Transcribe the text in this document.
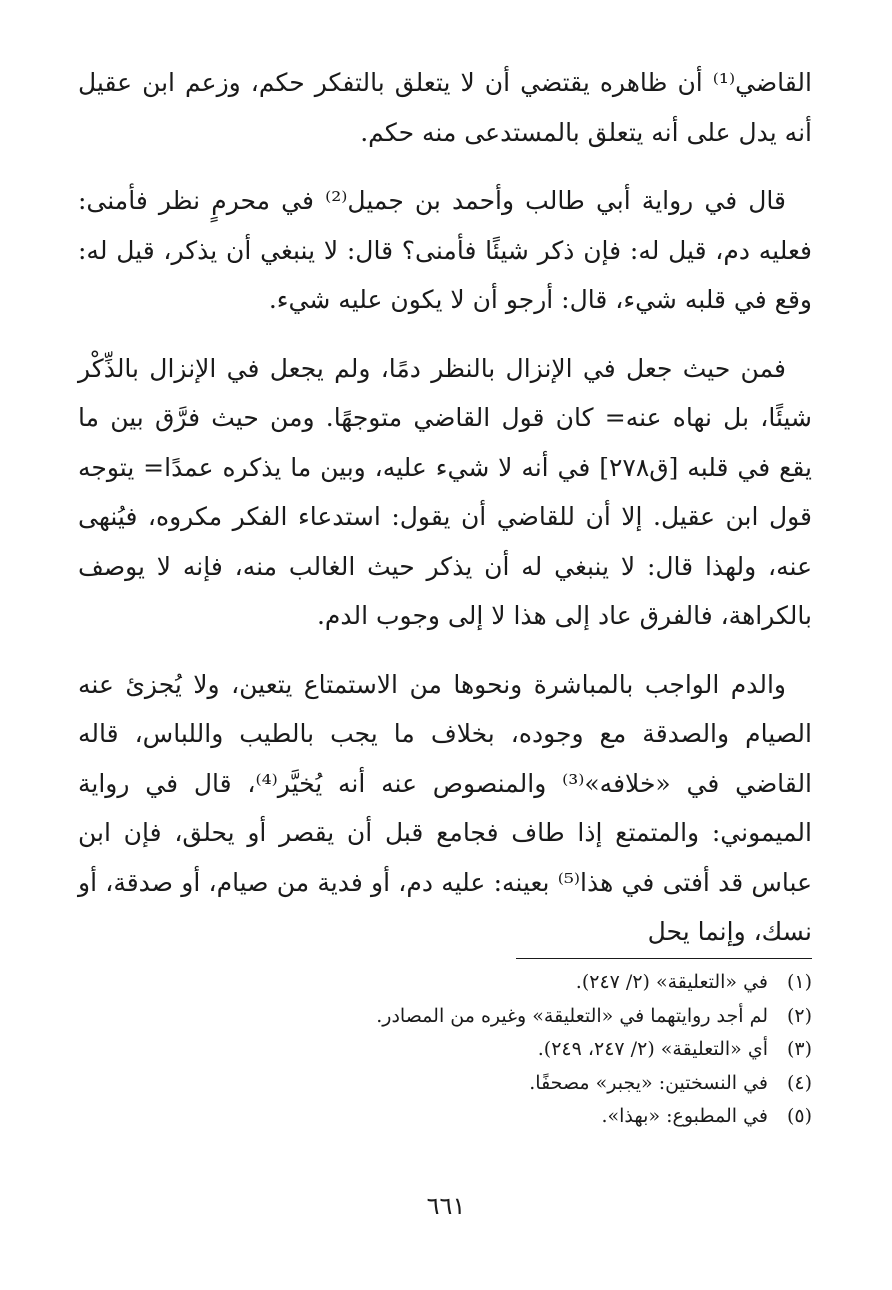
القاضي⁽¹⁾ أن ظاهره يقتضي أن لا يتعلق بالتفكر حكم، وزعم ابن عقيل أنه يدل على أنه يتعلق بالمستدعى منه حكم.

قال في رواية أبي طالب وأحمد بن جميل⁽²⁾ في محرمٍ نظر فأمنى: فعليه دم، قيل له: فإن ذكر شيئًا فأمنى؟ قال: لا ينبغي أن يذكر، قيل له: وقع في قلبه شيء، قال: أرجو أن لا يكون عليه شيء.

فمن حيث جعل في الإنزال بالنظر دمًا، ولم يجعل في الإنزال بالذِّكْر شيئًا، بل نهاه عنه= كان قول القاضي متوجهًا. ومن حيث فرَّق بين ما يقع في قلبه [ق٢٧٨] في أنه لا شيء عليه، وبين ما يذكره عمدًا= يتوجه قول ابن عقيل. إلا أن للقاضي أن يقول: استدعاء الفكر مكروه، فيُنهى عنه، ولهذا قال: لا ينبغي له أن يذكر حيث الغالب منه، فإنه لا يوصف بالكراهة، فالفرق عاد إلى هذا لا إلى وجوب الدم.

والدم الواجب بالمباشرة ونحوها من الاستمتاع يتعين، ولا يُجزئ عنه الصيام والصدقة مع وجوده، بخلاف ما يجب بالطيب واللباس، قاله القاضي في «خلافه»⁽³⁾ والمنصوص عنه أنه يُخيَّر⁽⁴⁾، قال في رواية الميموني: والمتمتع إذا طاف فجامع قبل أن يقصر أو يحلق، فإن ابن عباس قد أفتى في هذا⁽⁵⁾ بعينه: عليه دم، أو فدية من صيام، أو صدقة، أو نسك، وإنما يحل

(١)في «التعليقة» (٢/ ٢٤٧).
(٢)لم أجد روايتهما في «التعليقة» وغيره من المصادر.
(٣)أي «التعليقة» (٢/ ٢٤٧، ٢٤٩).
(٤)في النسختين: «يجبر» مصحفًا.
(٥)في المطبوع: «بهذا».
٦٦١
